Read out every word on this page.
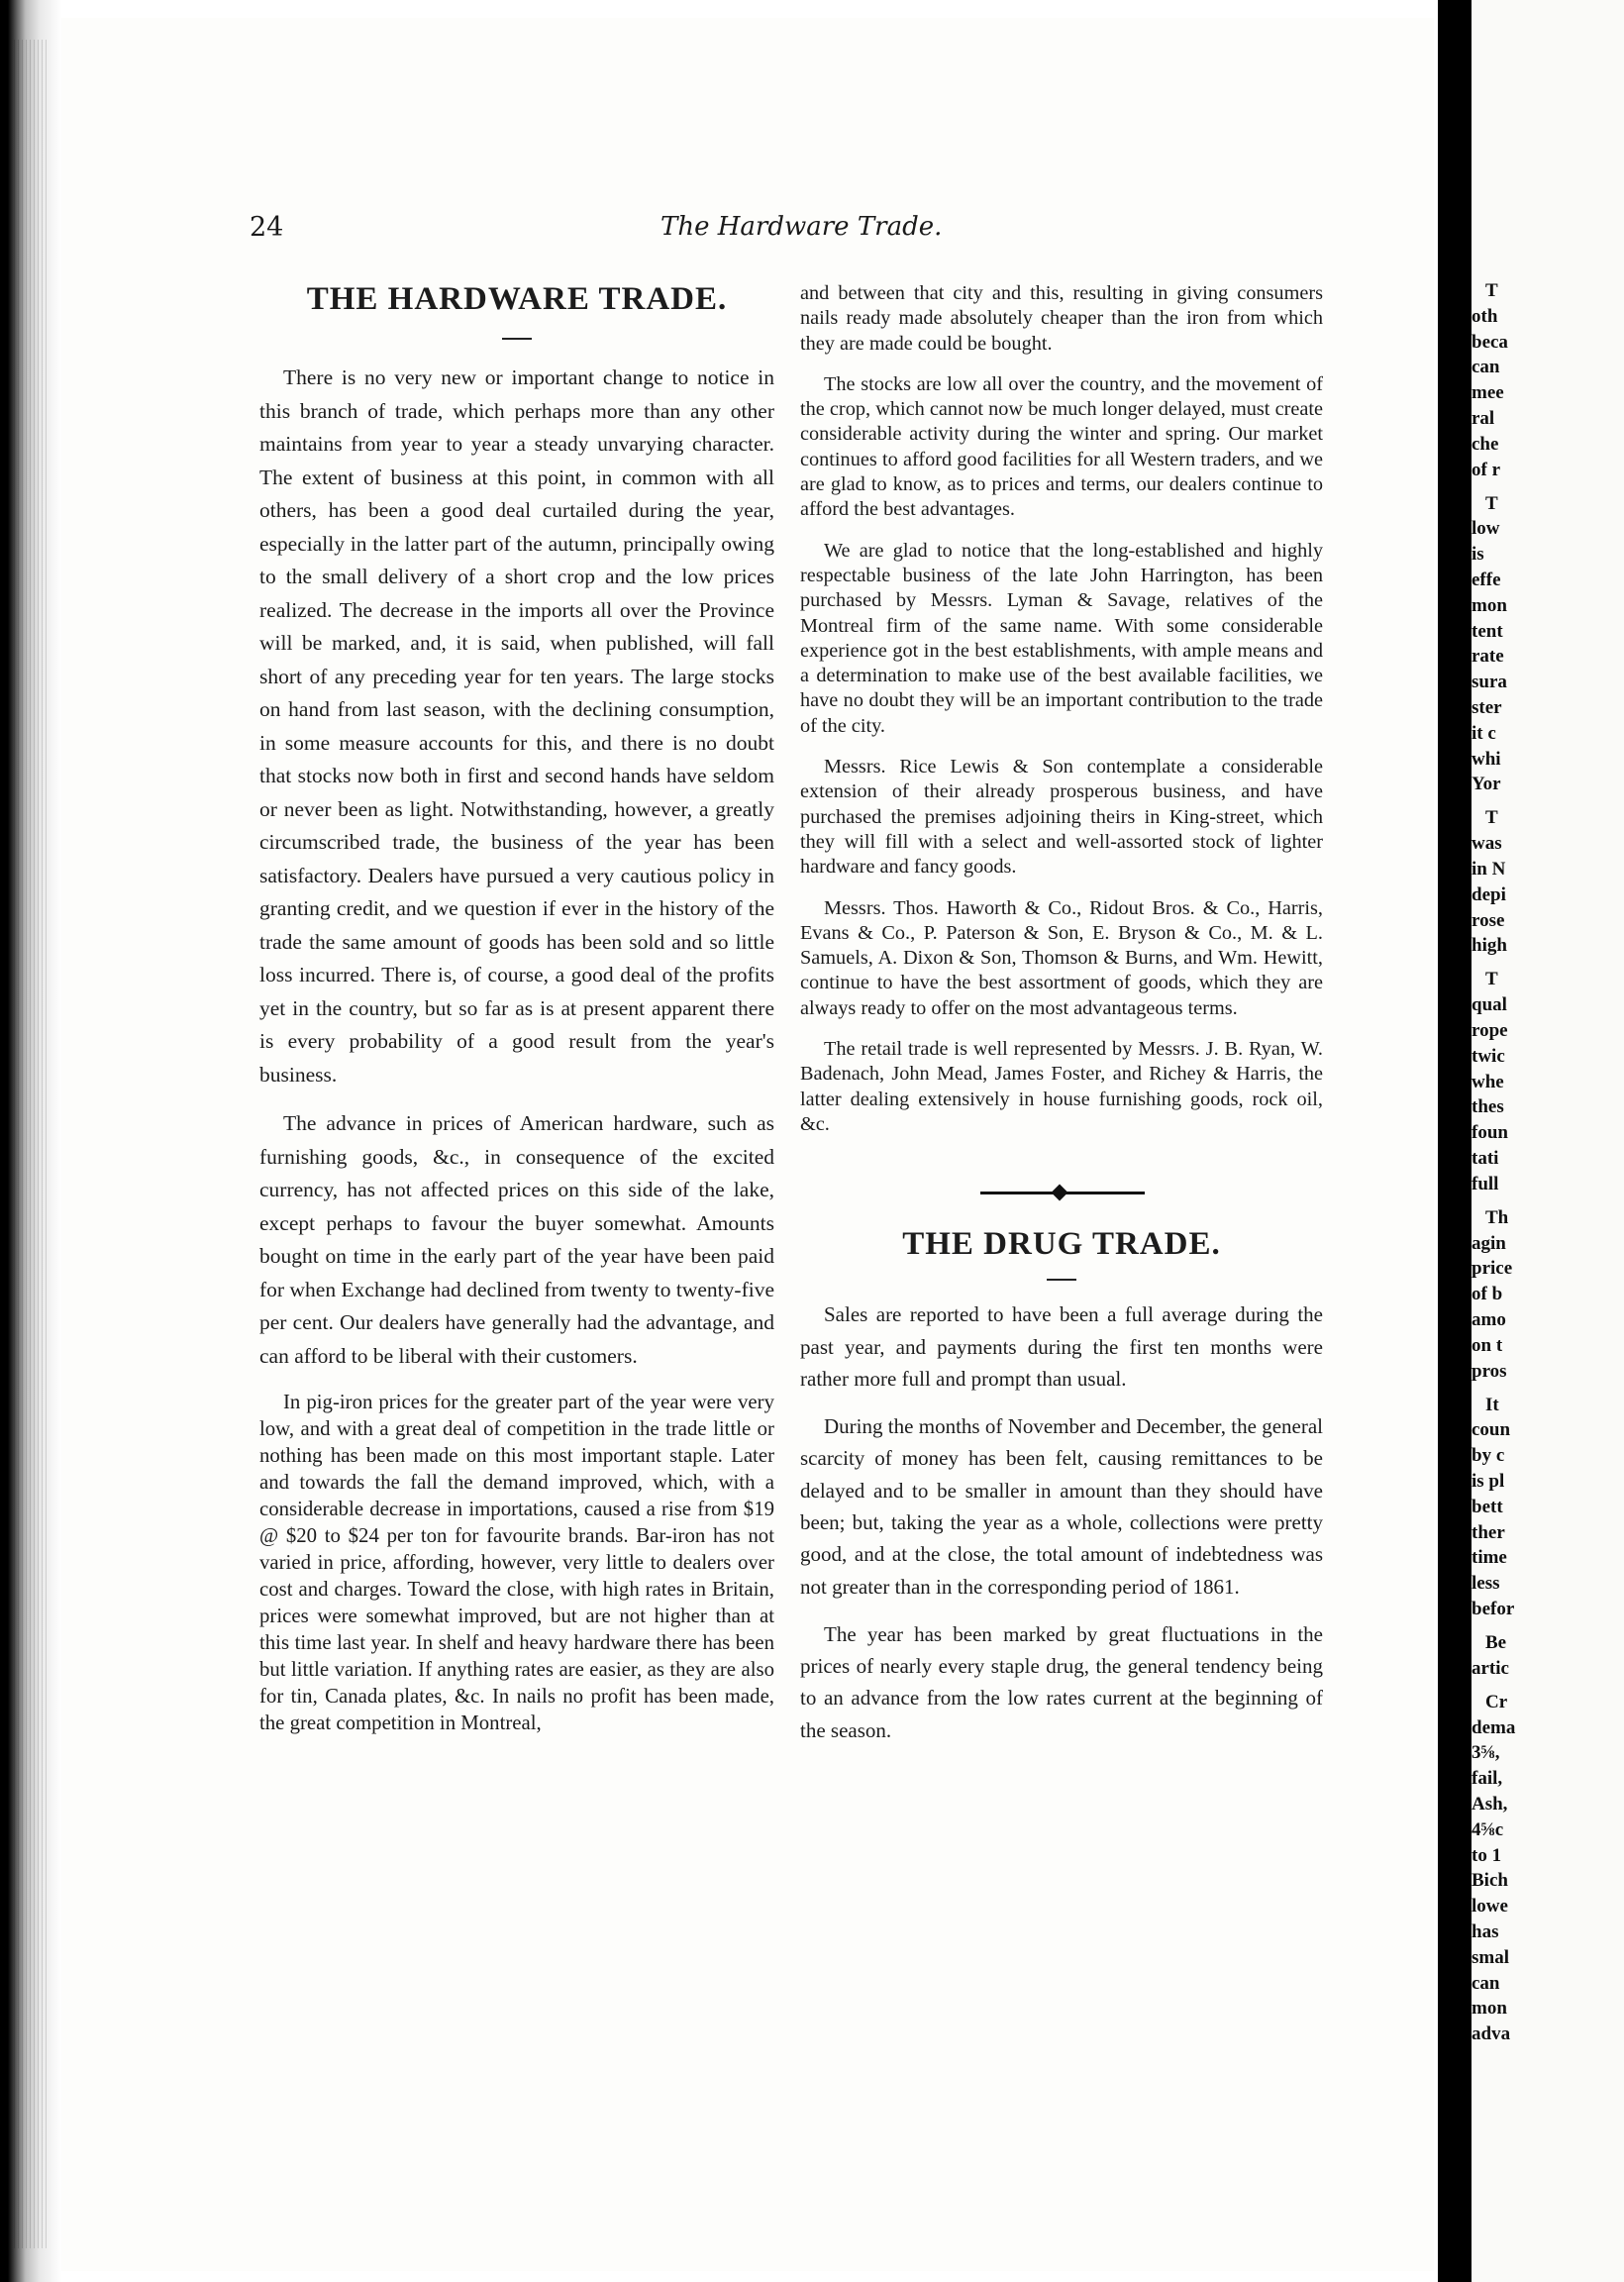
T
oth
beca
can
mee
ral
che
of r
T
low
is
effe
mon
tent
rate
sura
ster
it c
whi
Yor
T
was
in N
depi
rose
high
T
qual
rope
twic
whe
thes
foun
tati
full
Th
agin
price
of b
amo
on t
pros
It
coun
by c
is pl
bett
ther
time
less
befor
Be
artic
Cr
dema
3⅝,
fail,
Ash,
4⅝c
to 1
Bich
lowe
has
smal
can
mon
adva
24	The Hardware Trade.
THE HARDWARE TRADE.

There is no very new or important change to notice in this branch of trade, which perhaps more than any other maintains from year to year a steady unvarying character. The extent of business at this point, in common with all others, has been a good deal curtailed during the year, especially in the latter part of the autumn, principally owing to the small delivery of a short crop and the low prices realized. The decrease in the imports all over the Province will be marked, and, it is said, when published, will fall short of any preceding year for ten years. The large stocks on hand from last season, with the declining consumption, in some measure accounts for this, and there is no doubt that stocks now both in first and second hands have seldom or never been as light. Notwithstanding, however, a greatly circumscribed trade, the business of the year has been satisfactory. Dealers have pursued a very cautious policy in granting credit, and we question if ever in the history of the trade the same amount of goods has been sold and so little loss incurred. There is, of course, a good deal of the profits yet in the country, but so far as is at present apparent there is every probability of a good result from the year's business.

The advance in prices of American hardware, such as furnishing goods, &c., in consequence of the excited currency, has not affected prices on this side of the lake, except perhaps to favour the buyer somewhat. Amounts bought on time in the early part of the year have been paid for when Exchange had declined from twenty to twenty-five per cent. Our dealers have generally had the advantage, and can afford to be liberal with their customers.

In pig-iron prices for the greater part of the year were very low, and with a great deal of competition in the trade little or nothing has been made on this most important staple. Later and towards the fall the demand improved, which, with a considerable decrease in importations, caused a rise from $19 @ $20 to $24 per ton for favourite brands. Bar-iron has not varied in price, affording, however, very little to dealers over cost and charges. Toward the close, with high rates in Britain, prices were somewhat improved, but are not higher than at this time last year. In shelf and heavy hardware there has been but little variation. If anything rates are easier, as they are also for tin, Canada plates, &c. In nails no profit has been made, the great competition in Montreal,

and between that city and this, resulting in giving consumers nails ready made absolutely cheaper than the iron from which they are made could be bought.

The stocks are low all over the country, and the movement of the crop, which cannot now be much longer delayed, must create considerable activity during the winter and spring. Our market continues to afford good facilities for all Western traders, and we are glad to know, as to prices and terms, our dealers continue to afford the best advantages.

We are glad to notice that the long-established and highly respectable business of the late John Harrington, has been purchased by Messrs. Lyman & Savage, relatives of the Montreal firm of the same name. With some considerable experience got in the best establishments, with ample means and a determination to make use of the best available facilities, we have no doubt they will be an important contribution to the trade of the city.

Messrs. Rice Lewis & Son contemplate a considerable extension of their already prosperous business, and have purchased the premises adjoining theirs in King-street, which they will fill with a select and well-assorted stock of lighter hardware and fancy goods.

Messrs. Thos. Haworth & Co., Ridout Bros. & Co., Harris, Evans & Co., P. Paterson & Son, E. Bryson & Co., M. & L. Samuels, A. Dixon & Son, Thomson & Burns, and Wm. Hewitt, continue to have the best assortment of goods, which they are always ready to offer on the most advantageous terms.

The retail trade is well represented by Messrs. J. B. Ryan, W. Badenach, John Mead, James Foster, and Richey & Harris, the latter dealing extensively in house furnishing goods, rock oil, &c.

THE DRUG TRADE.

Sales are reported to have been a full average during the past year, and payments during the first ten months were rather more full and prompt than usual.

During the months of November and December, the general scarcity of money has been felt, causing remittances to be delayed and to be smaller in amount than they should have been; but, taking the year as a whole, collections were pretty good, and at the close, the total amount of indebtedness was not greater than in the corresponding period of 1861.

The year has been marked by great fluctuations in the prices of nearly every staple drug, the general tendency being to an advance from the low rates current at the beginning of the season.
